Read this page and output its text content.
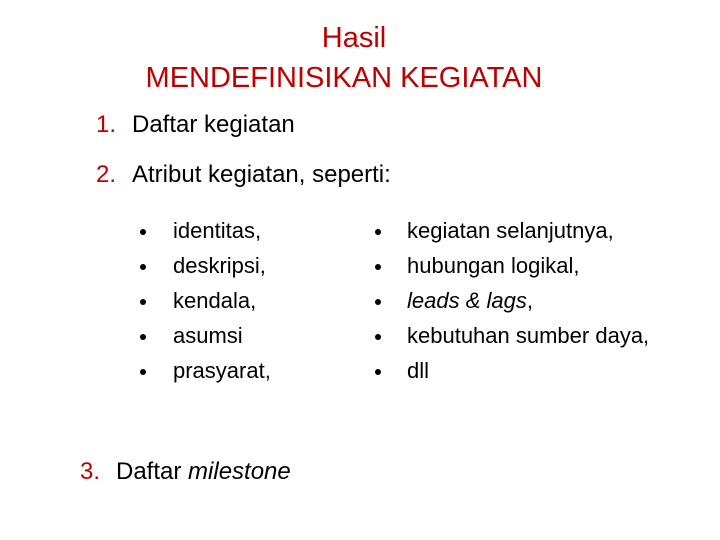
Hasil
MENDEFINISIKAN KEGIATAN
1. Daftar kegiatan
2. Atribut kegiatan, seperti:
identitas,
deskripsi,
kendala,
asumsi
prasyarat,
kegiatan selanjutnya,
hubungan logikal,
leads & lags,
kebutuhan sumber daya,
dll
3. Daftar milestone
